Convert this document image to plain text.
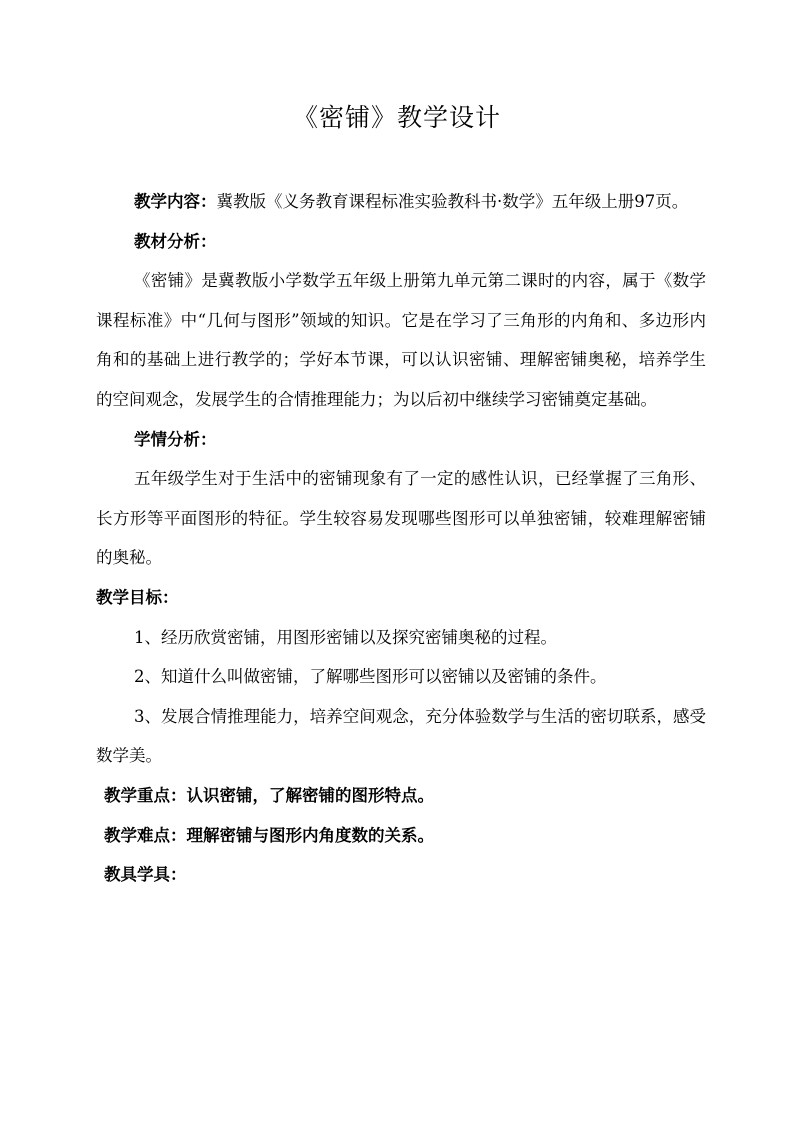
《密铺》教学设计

教学内容：冀教版《义务教育课程标准实验教科书·数学》五年级上册97页。

教材分析：

《密铺》是冀教版小学数学五年级上册第九单元第二课时的内容，属于《数学课程标准》中“几何与图形”领域的知识。它是在学习了三角形的内角和、多边形内角和的基础上进行教学的；学好本节课，可以认识密铺、理解密铺奥秘，培养学生的空间观念，发展学生的合情推理能力；为以后初中继续学习密铺奠定基础。

学情分析：

五年级学生对于生活中的密铺现象有了一定的感性认识，已经掌握了三角形、长方形等平面图形的特征。学生较容易发现哪些图形可以单独密铺，较难理解密铺的奥秘。

教学目标：

1、经历欣赏密铺，用图形密铺以及探究密铺奥秘的过程。

2、知道什么叫做密铺，了解哪些图形可以密铺以及密铺的条件。

3、发展合情推理能力，培养空间观念，充分体验数学与生活的密切联系，感受数学美。

教学重点：认识密铺，了解密铺的图形特点。

教学难点：理解密铺与图形内角度数的关系。

教具学具：
